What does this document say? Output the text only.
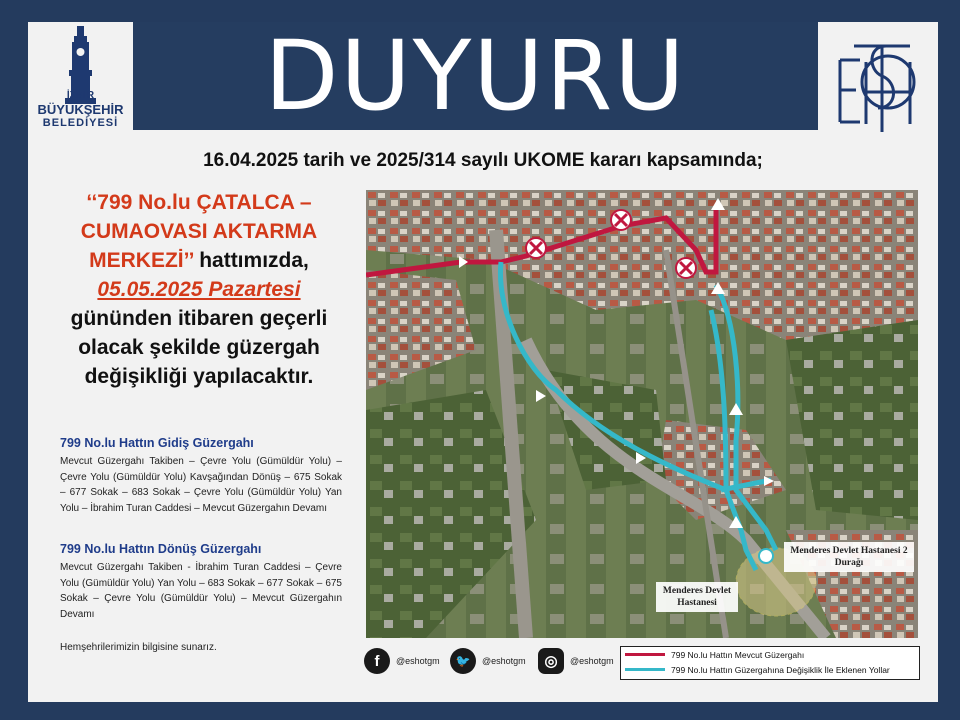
İZMİR
BÜYÜKŞEHİR
BELEDİYESİ DUYURU
16.04.2025 tarih ve 2025/314 sayılı UKOME kararı kapsamında;
‘‘799 No.lu ÇATALCA – CUMAOVASI AKTARMA MERKEZİ’’ hattımızda,
05.05.2025 Pazartesi
gününden itibaren geçerli olacak şekilde güzergah değişikliği yapılacaktır.
799 No.lu Hattın Gidiş Güzergahı
Mevcut Güzergahı Takiben – Çevre Yolu (Gümüldür Yolu) – Çevre Yolu (Gümüldür Yolu) Kavşağından Dönüş – 675 Sokak – 677 Sokak – 683 Sokak – Çevre Yolu (Gümüldür Yolu) Yan Yolu – İbrahim Turan Caddesi – Mevcut Güzergahın Devamı
799 No.lu Hattın Dönüş Güzergahı
Mevcut Güzergahı Takiben - İbrahim Turan Caddesi – Çevre Yolu (Gümüldür Yolu) Yan Yolu – 683 Sokak – 677 Sokak – 675 Sokak – Çevre Yolu (Gümüldür Yolu) – Mevcut Güzergahın Devamı
Hemşehrilerimizin bilgisine sunarız.
Menderes Devlet Hastanesi 2 Durağı
Menderes Devlet Hastanesi
f	@eshotgm	🐦	@eshotgm	◎	@eshotgm
799 No.lu Hattın Mevcut Güzergahı
799 No.lu Hattın Güzergahına Değişiklik İle Eklenen Yollar
